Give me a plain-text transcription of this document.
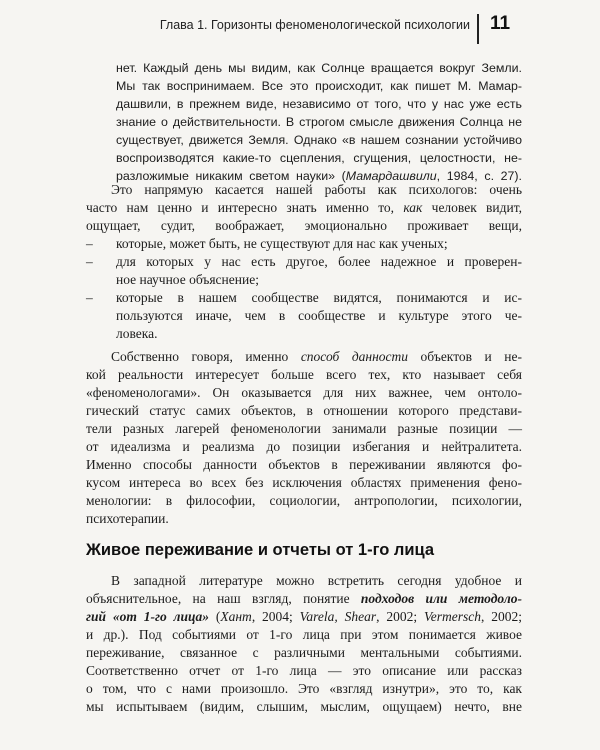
Глава 1. Горизонты феноменологической психологии 11
нет. Каждый день мы видим, как Солнце вращается вокруг Земли.
Мы так воспринимаем. Все это происходит, как пишет М. Мамар-
дашвили, в прежнем виде, независимо от того, что у нас уже есть
знание о действительности. В строгом смысле движения Солнца не
существует, движется Земля. Однако «в нашем сознании устойчиво
воспроизводятся какие-то сцепления, сгущения, целостности, не-
разложимые никаким светом науки» (Мамардашвили, 1984, с. 27).
Это напрямую касается нашей работы как психологов: очень
часто нам ценно и интересно знать именно то, как человек видит,
ощущает, судит, воображает, эмоционально проживает вещи,
– которые, может быть, не существуют для нас как ученых;
– для которых у нас есть другое, более надежное и проверен-
ное научное объяснение;
– которые в нашем сообществе видятся, понимаются и ис-
пользуются иначе, чем в сообществе и культуре этого че-
ловека.
Собственно говоря, именно способ данности объектов и не-
кой реальности интересует больше всего тех, кто называет себя
«феноменологами». Он оказывается для них важнее, чем онтоло-
гический статус самих объектов, в отношении которого представи-
тели разных лагерей феноменологии занимали разные позиции —
от идеализма и реализма до позиции избегания и нейтралитета.
Именно способы данности объектов в переживании являются фо-
кусом интереса во всех без исключения областях применения фено-
менологии: в философии, социологии, антропологии, психологии,
психотерапии.
Живое переживание и отчеты от 1-го лица
В западной литературе можно встретить сегодня удобное и
объяснительное, на наш взгляд, понятие подходов или методоло-
гий «от 1-го лица» (Хант, 2004; Varela, Shear, 2002; Vermersch, 2002;
и др.). Под событиями от 1-го лица при этом понимается живое
переживание, связанное с различными ментальными событиями.
Соответственно отчет от 1-го лица — это описание или рассказ
о том, что с нами произошло. Это «взгляд изнутри», это то, как
мы испытываем (видим, слышим, мыслим, ощущаем) нечто, вне
